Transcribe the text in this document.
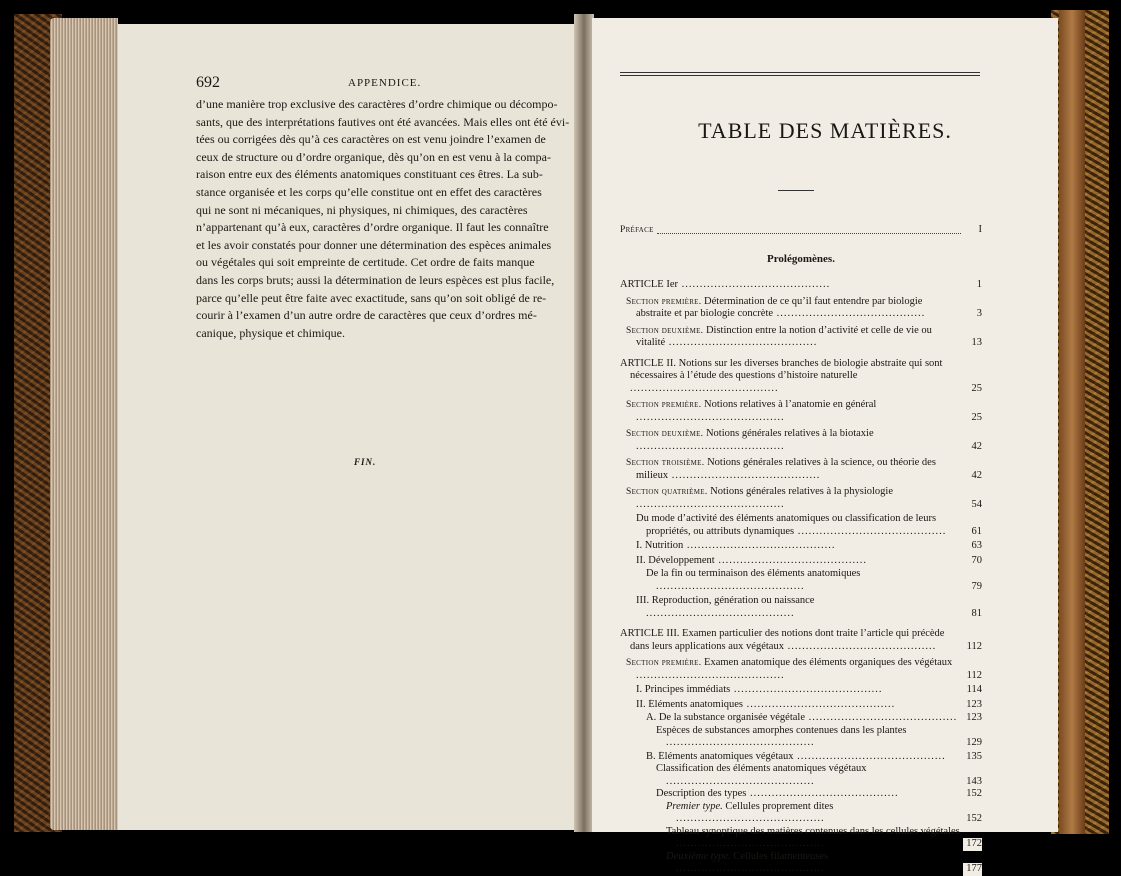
692	APPENDICE.
d’une manière trop exclusive des caractères d’ordre chimique ou décompo-
sants, que des interprétations fautives ont été avancées. Mais elles ont été évi-
tées ou corrigées dès qu’à ces caractères on est venu joindre l’examen de
ceux de structure ou d’ordre organique, dès qu’on en est venu à la compa-
raison entre eux des éléments anatomiques constituant ces êtres. La sub-
stance organisée et les corps qu’elle constitue ont en effet des caractères
qui ne sont ni mécaniques, ni physiques, ni chimiques, des caractères
n’appartenant qu’à eux, caractères d’ordre organique. Il faut les connaître
et les avoir constatés pour donner une détermination des espèces animales
ou végétales qui soit empreinte de certitude. Cet ordre de faits manque
dans les corps bruts; aussi la détermination de leurs espèces est plus facile,
parce qu’elle peut être faite avec exactitude, sans qu’on soit obligé de re-
courir à l’examen d’un autre ordre de caractères que ceux d’ordres mé-
canique, physique et chimique.
FIN.
TABLE DES MATIÈRES.
Préface	I

Prolégomènes.

ARTICLE Ier .........................................	1
Section première. Détermination de ce qu’il faut entendre par biologie abstraite et par biologie concrète .........................................	3
Section deuxième. Distinction entre la notion d’activité et celle de vie ou vitalité .........................................	13
ARTICLE II. Notions sur les diverses branches de biologie abstraite qui sont nécessaires à l’étude des questions d’histoire naturelle .........................................	25
Section première. Notions relatives à l’anatomie en général .........................................	25
Section deuxième. Notions générales relatives à la biotaxie .........................................	42
Section troisième. Notions générales relatives à la science, ou théorie des milieux .........................................	42
Section quatrième. Notions générales relatives à la physiologie .........................................	54
Du mode d’activité des éléments anatomiques ou classification de leurs propriétés, ou attributs dynamiques .........................................	61
I. Nutrition .........................................	63
II. Développement .........................................	70
De la fin ou terminaison des éléments anatomiques .........................................	79
III. Reproduction, génération ou naissance .........................................	81
ARTICLE III. Examen particulier des notions dont traite l’article qui précède dans leurs applications aux végétaux .........................................	112
Section première. Examen anatomique des éléments organiques des végétaux .........................................	112
I. Principes immédiats .........................................	114
II. Éléments anatomiques .........................................	123
A. De la substance organisée végétale ......................................... 123
Espèces de substances amorphes contenues dans les plantes .........................................	129
B. Éléments anatomiques végétaux .........................................	135
Classification des éléments anatomiques végétaux .........................................	143
Description des types .........................................	152
Premier type. Cellules proprement dites .........................................	152
Tableau synoptique des matières contenues dans les cellules végétales .........................................	172
Deuxième type. Cellules filamenteuses .........................................	177
